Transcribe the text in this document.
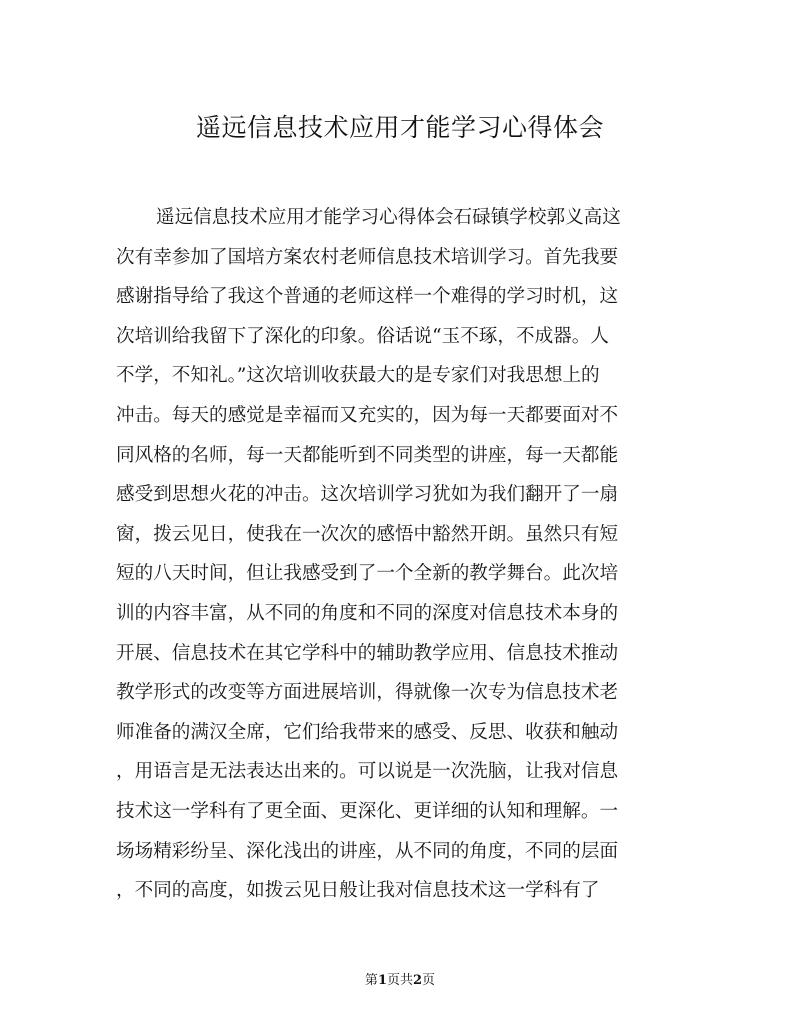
遥远信息技术应用才能学习心得体会
遥远信息技术应用才能学习心得体会石碌镇学校郭义高这
次有幸参加了国培方案农村老师信息技术培训学习。首先我要
感谢指导给了我这个普通的老师这样一个难得的学习时机，这
次培训给我留下了深化的印象。俗话说“玉不琢，不成器。人
不学，不知礼。”这次培训收获最大的是专家们对我思想上的
冲击。每天的感觉是幸福而又充实的，因为每一天都要面对不
同风格的名师，每一天都能听到不同类型的讲座，每一天都能
感受到思想火花的冲击。这次培训学习犹如为我们翻开了一扇
窗，拨云见日，使我在一次次的感悟中豁然开朗。虽然只有短
短的八天时间，但让我感受到了一个全新的教学舞台。此次培
训的内容丰富，从不同的角度和不同的深度对信息技术本身的
开展、信息技术在其它学科中的辅助教学应用、信息技术推动
教学形式的改变等方面进展培训，得就像一次专为信息技术老
师准备的满汉全席，它们给我带来的感受、反思、收获和触动
，用语言是无法表达出来的。可以说是一次洗脑，让我对信息
技术这一学科有了更全面、更深化、更详细的认知和理解。一
场场精彩纷呈、深化浅出的讲座，从不同的角度，不同的层面
，不同的高度，如拨云见日般让我对信息技术这一学科有了
第1页共2页
